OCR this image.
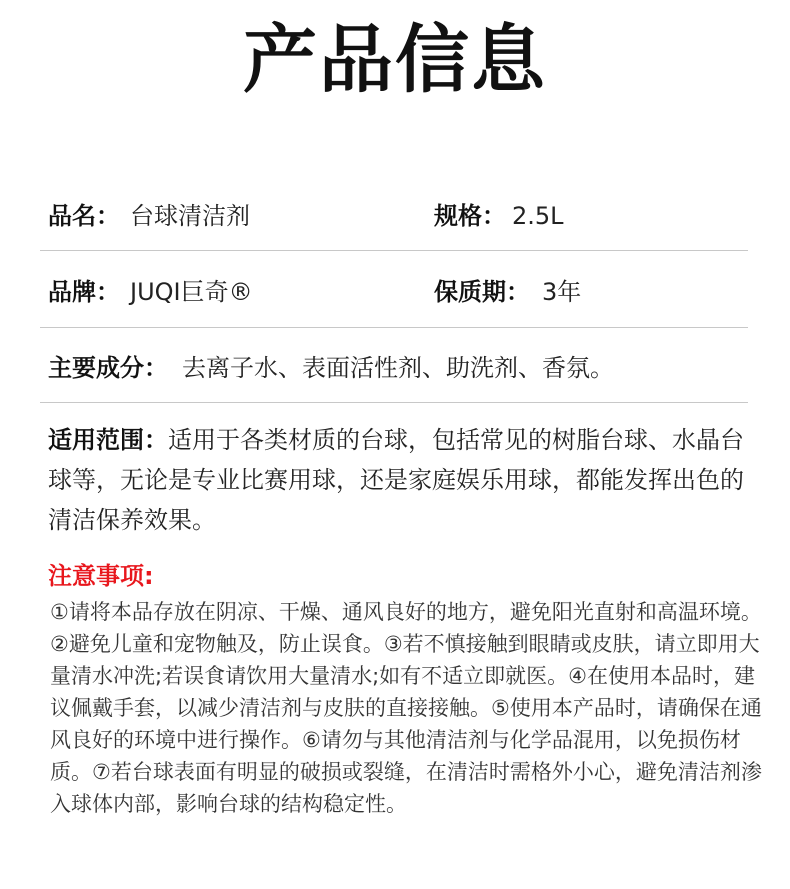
产品信息
品名： 台球清洁剂	规格： 2.5L
品牌： JUQI巨奇®	保质期： 3年
主要成分： 去离子水、表面活性剂、助洗剂、香氛。
适用范围：适用于各类材质的台球，包括常见的树脂台球、水晶台球等，无论是专业比赛用球，还是家庭娱乐用球，都能发挥出色的清洁保养效果。
注意事项:
①请将本品存放在阴凉、干燥、通风良好的地方，避免阳光直射和高温环境。②避免儿童和宠物触及，防止误食。③若不慎接触到眼睛或皮肤，请立即用大量清水冲洗;若误食请饮用大量清水;如有不适立即就医。④在使用本品时，建议佩戴手套，以减少清洁剂与皮肤的直接接触。⑤使用本产品时，请确保在通风良好的环境中进行操作。⑥请勿与其他清洁剂与化学品混用，以免损伤材质。⑦若台球表面有明显的破损或裂缝，在清洁时需格外小心，避免清洁剂渗入球体内部，影响台球的结构稳定性。
